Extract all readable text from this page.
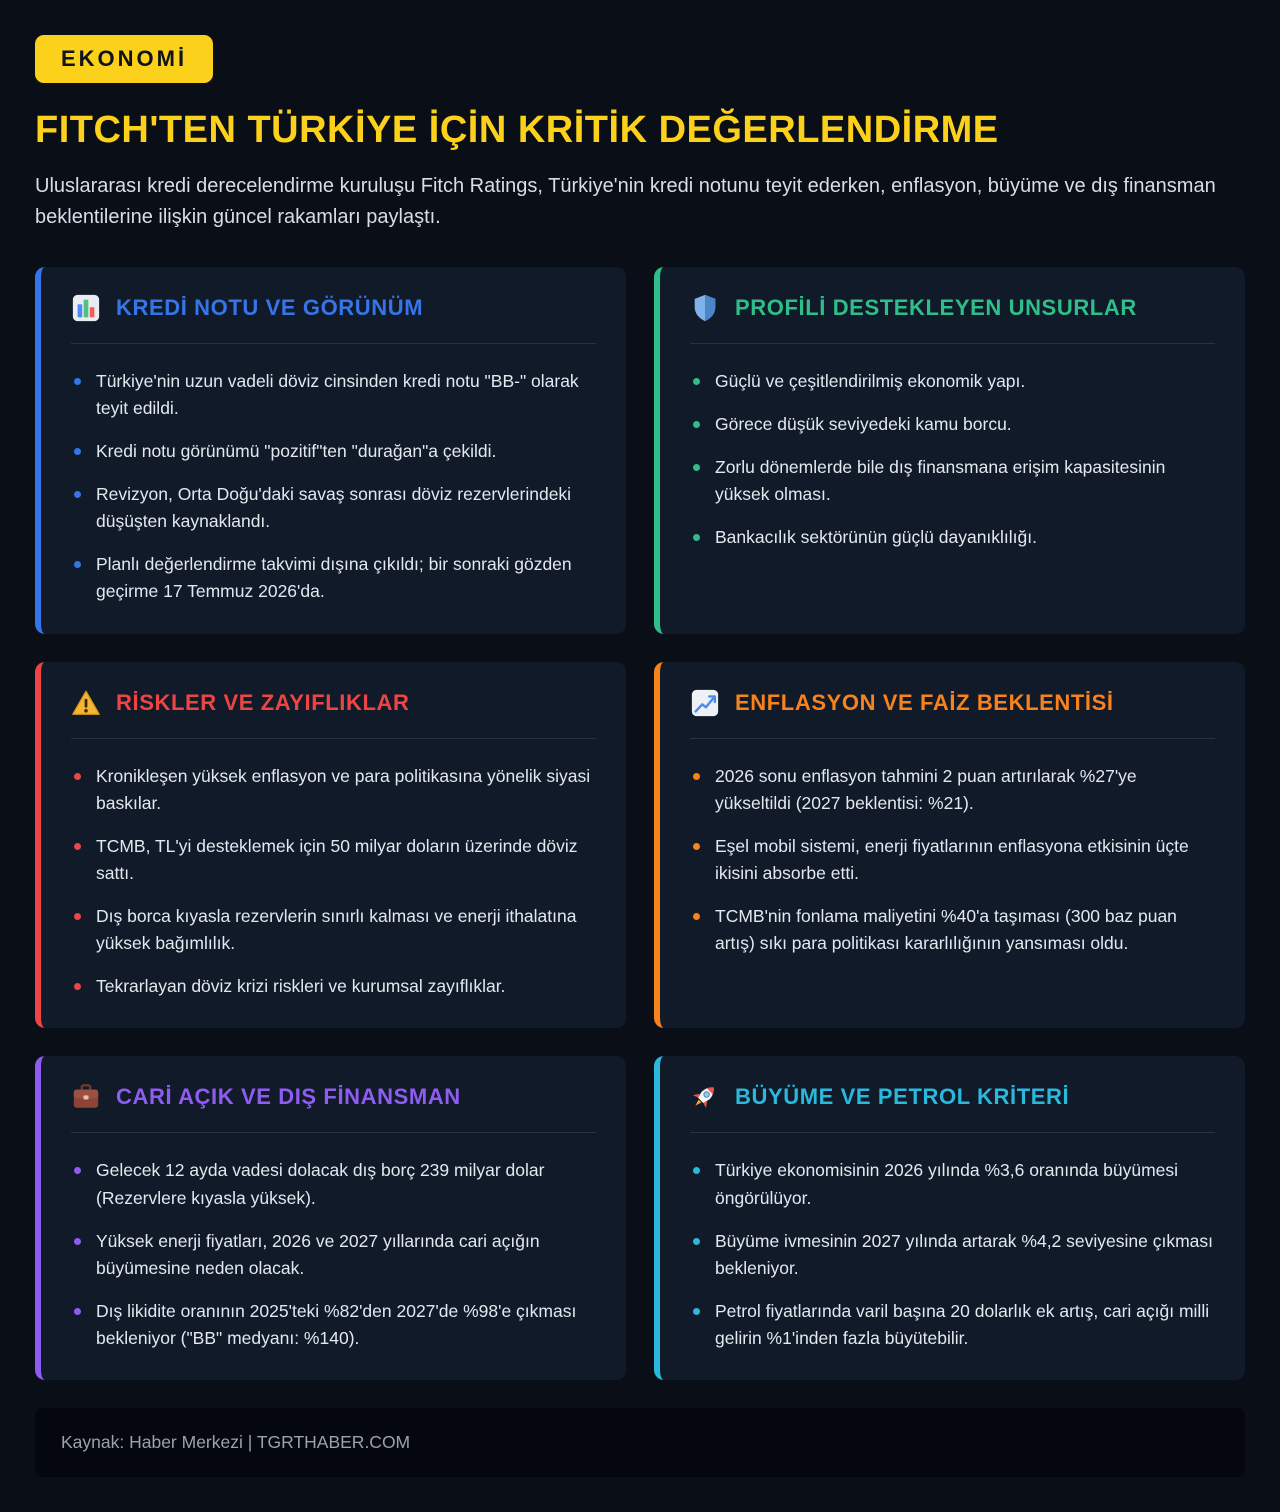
EKONOMİ
FITCH'TEN TÜRKİYE İÇİN KRİTİK DEĞERLENDİRME

Uluslararası kredi derecelendirme kuruluşu Fitch Ratings, Türkiye'nin kredi notunu teyit ederken, enflasyon, büyüme ve dış finansman beklentilerine ilişkin güncel rakamları paylaştı.

KREDİ NOTU VE GÖRÜNÜM
Türkiye'nin uzun vadeli döviz cinsinden kredi notu "BB-" olarak teyit edildi.
Kredi notu görünümü "pozitif"ten "durağan"a çekildi.
Revizyon, Orta Doğu'daki savaş sonrası döviz rezervlerindeki düşüşten kaynaklandı.
Planlı değerlendirme takvimi dışına çıkıldı; bir sonraki gözden geçirme 17 Temmuz 2026'da.
PROFİLİ DESTEKLEYEN UNSURLAR
Güçlü ve çeşitlendirilmiş ekonomik yapı.
Görece düşük seviyedeki kamu borcu.
Zorlu dönemlerde bile dış finansmana erişim kapasitesinin yüksek olması.
Bankacılık sektörünün güçlü dayanıklılığı.
RİSKLER VE ZAYIFLIKLAR
Kronikleşen yüksek enflasyon ve para politikasına yönelik siyasi baskılar.
TCMB, TL'yi desteklemek için 50 milyar doların üzerinde döviz sattı.
Dış borca kıyasla rezervlerin sınırlı kalması ve enerji ithalatına yüksek bağımlılık.
Tekrarlayan döviz krizi riskleri ve kurumsal zayıflıklar.
ENFLASYON VE FAİZ BEKLENTİSİ
2026 sonu enflasyon tahmini 2 puan artırılarak %27'ye yükseltildi (2027 beklentisi: %21).
Eşel mobil sistemi, enerji fiyatlarının enflasyona etkisinin üçte ikisini absorbe etti.
TCMB'nin fonlama maliyetini %40'a taşıması (300 baz puan artış) sıkı para politikası kararlılığının yansıması oldu.
CARİ AÇIK VE DIŞ FİNANSMAN
Gelecek 12 ayda vadesi dolacak dış borç 239 milyar dolar (Rezervlere kıyasla yüksek).
Yüksek enerji fiyatları, 2026 ve 2027 yıllarında cari açığın büyümesine neden olacak.
Dış likidite oranının 2025'teki %82'den 2027'de %98'e çıkması bekleniyor ("BB" medyanı: %140).
BÜYÜME VE PETROL KRİTERİ
Türkiye ekonomisinin 2026 yılında %3,6 oranında büyümesi öngörülüyor.
Büyüme ivmesinin 2027 yılında artarak %4,2 seviyesine çıkması bekleniyor.
Petrol fiyatlarında varil başına 20 dolarlık ek artış, cari açığı milli gelirin %1'inden fazla büyütebilir.
Kaynak: Haber Merkezi | TGRTHABER.COM
